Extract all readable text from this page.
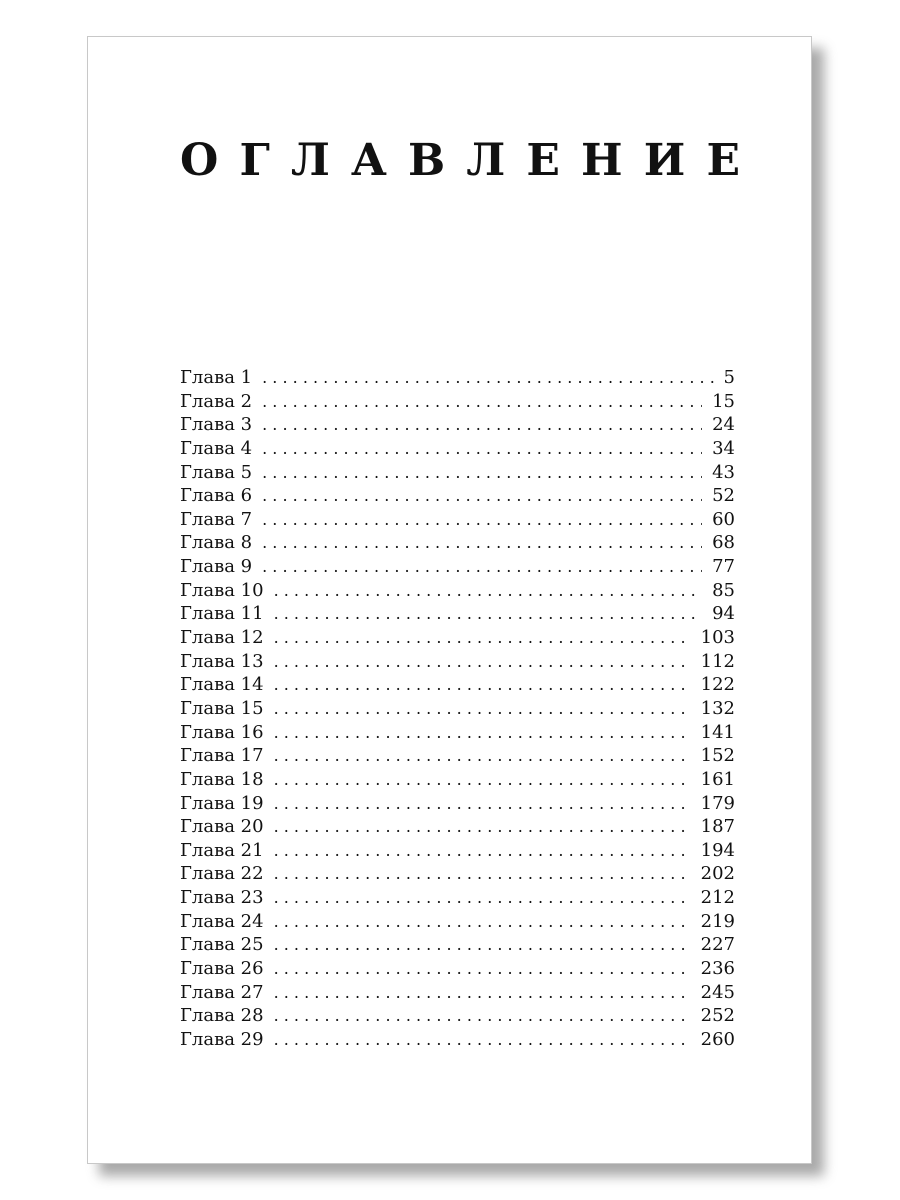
О Г Л А В Л Е Н И Е
Глава 1 . . .	5
Глава 2 . . .	15
Глава 3 . . .	24
Глава 4 . . .	34
Глава 5 . . .	43
Глава 6 . . .	52
Глава 7 . . .	60
Глава 8 . . .	68
Глава 9 . . .	77
Глава 10 . . .	85
Глава 11 . . .	94
Глава 12 . . .	103
Глава 13 . . .	112
Глава 14 . . .	122
Глава 15 . . .	132
Глава 16 . . .	141
Глава 17 . . .	152
Глава 18 . . .	161
Глава 19 . . .	179
Глава 20 . . .	187
Глава 21 . . .	194
Глава 22 . . .	202
Глава 23 . . .	212
Глава 24 . . .	219
Глава 25 . . .	227
Глава 26 . . .	236
Глава 27 . . .	245
Глава 28 . . .	252
Глава 29 . . .	260
